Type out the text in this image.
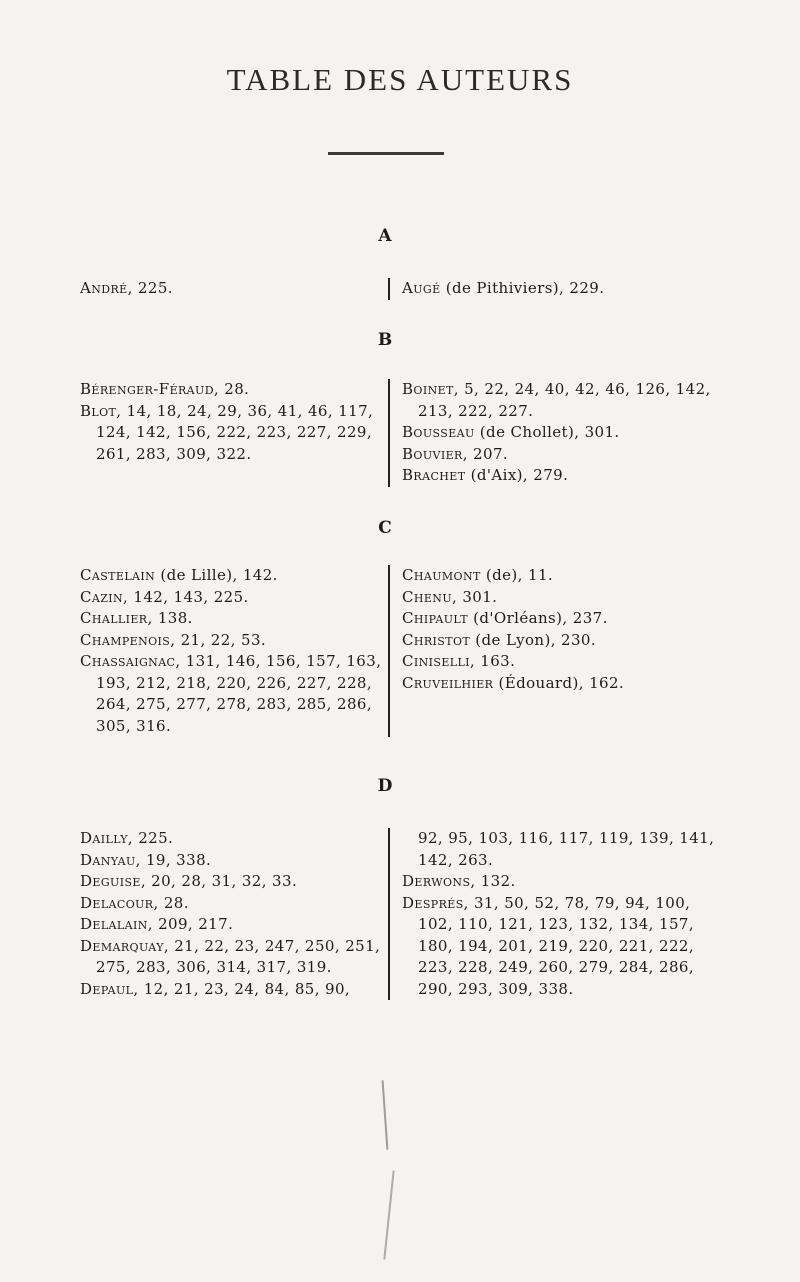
TABLE DES AUTEURS
A
André, 225.	Augé (de Pithiviers), 229.
B
Bérenger-Féraud, 28.
Blot, 14, 18, 24, 29, 36, 41, 46, 117, 124, 142, 156, 222, 223, 227, 229, 261, 283, 309, 322.
Boinet, 5, 22, 24, 40, 42, 46, 126, 142, 213, 222, 227.
Bousseau (de Chollet), 301.
Bouvier, 207.
Brachet (d'Aix), 279.
C
Castelain (de Lille), 142.
Cazin, 142, 143, 225.
Challier, 138.
Champenois, 21, 22, 53.
Chassaignac, 131, 146, 156, 157, 163, 193, 212, 218, 220, 226, 227, 228, 264, 275, 277, 278, 283, 285, 286, 305, 316.
Chaumont (de), 11.
Chenu, 301.
Chipault (d'Orléans), 237.
Christot (de Lyon), 230.
Ciniselli, 163.
Cruveilhier (Édouard), 162.
D
Dailly, 225.
Danyau, 19, 338.
Deguise, 20, 28, 31, 32, 33.
Delacour, 28.
Delalain, 209, 217.
Demarquay, 21, 22, 23, 247, 250, 251, 275, 283, 306, 314, 317, 319.
Depaul, 12, 21, 23, 24, 84, 85, 90,
92, 95, 103, 116, 117, 119, 139, 141, 142, 263.
Derwons, 132.
Després, 31, 50, 52, 78, 79, 94, 100, 102, 110, 121, 123, 132, 134, 157, 180, 194, 201, 219, 220, 221, 222, 223, 228, 249, 260, 279, 284, 286, 290, 293, 309, 338.
